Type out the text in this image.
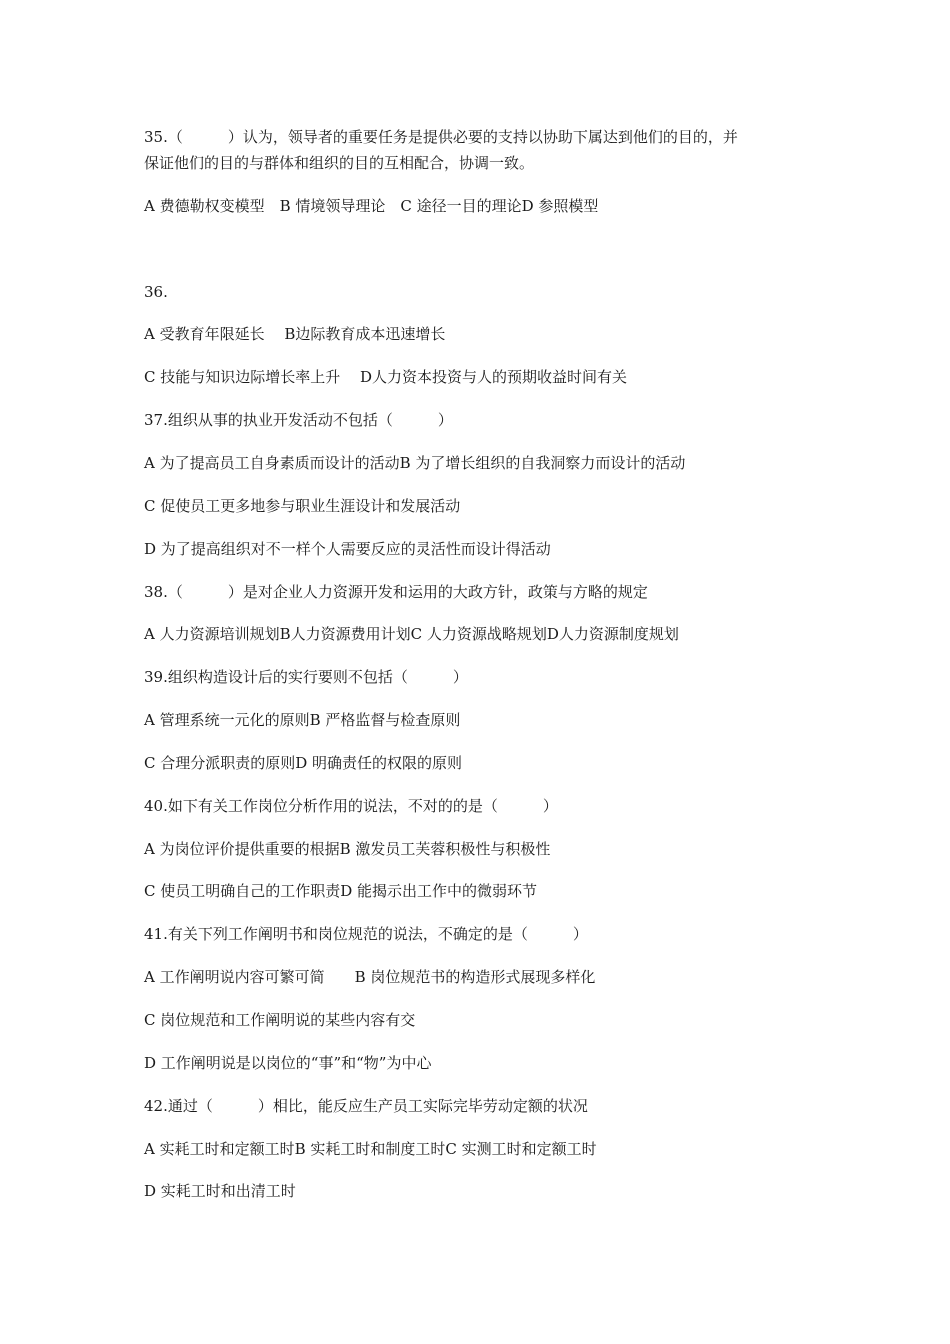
35.（　　　）认为，领导者的重要任务是提供必要的支持以协助下属达到他们的目的，并
保证他们的目的与群体和组织的目的互相配合，协调一致。
A 费德勒权变模型　B 情境领导理论　C 途径一目的理论D 参照模型
36.
A 受教育年限延长　 B边际教育成本迅速增长
C 技能与知识边际增长率上升　 D人力资本投资与人的预期收益时间有关
37.组织从事的执业开发活动不包括（　　　）
A 为了提高员工自身素质而设计的活动B 为了增长组织的自我洞察力而设计的活动
C 促使员工更多地参与职业生涯设计和发展活动
D 为了提高组织对不一样个人需要反应的灵活性而设计得活动
38.（　　　）是对企业人力资源开发和运用的大政方针，政策与方略的规定
A 人力资源培训规划B人力资源费用计划C 人力资源战略规划D人力资源制度规划
39.组织构造设计后的实行要则不包括（　　　）
A 管理系统一元化的原则B 严格监督与检查原则
C 合理分派职责的原则D 明确责任的权限的原则
40.如下有关工作岗位分析作用的说法，不对的的是（　　　）
A 为岗位评价提供重要的根据B 激发员工芙蓉积极性与积极性
C 使员工明确自己的工作职责D 能揭示出工作中的微弱环节
41.有关下列工作阐明书和岗位规范的说法，不确定的是（　　　）
A 工作阐明说内容可繁可简　　B 岗位规范书的构造形式展现多样化
C 岗位规范和工作阐明说的某些内容有交
D 工作阐明说是以岗位的“事”和“物”为中心
42.通过（　　　）相比，能反应生产员工实际完毕劳动定额的状况
A 实耗工时和定额工时B 实耗工时和制度工时C 实测工时和定额工时
D 实耗工时和出清工时
